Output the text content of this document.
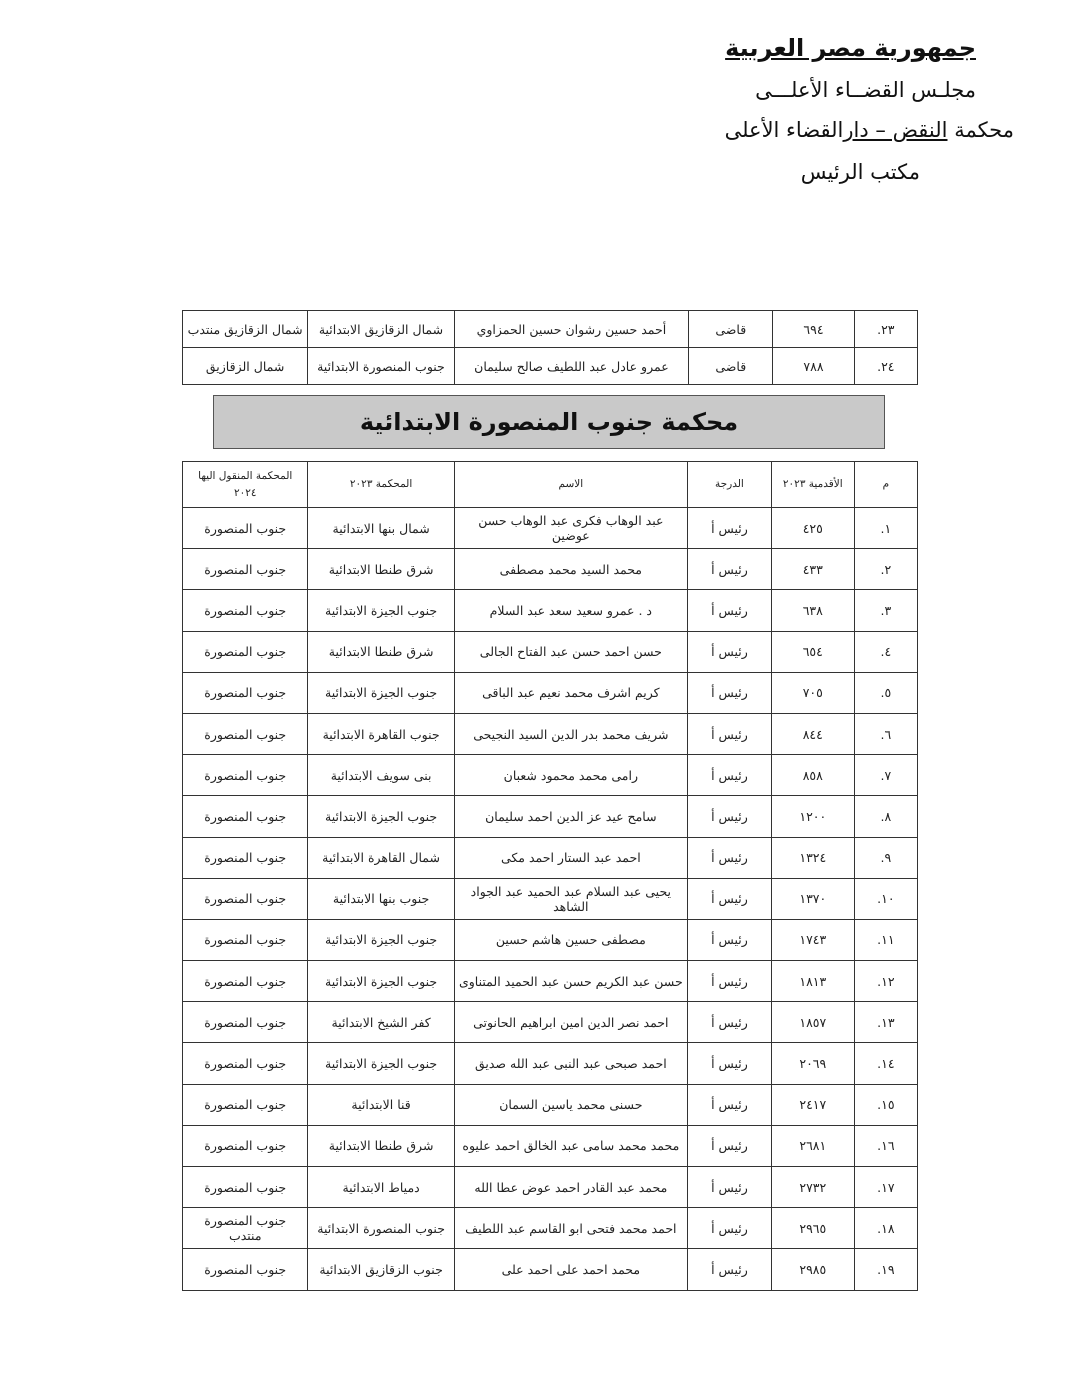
جمهورية مصر العربية
مجلـس القضــاء الأعلـــى
محكمة النقض – دارالقضاء الأعلى
مكتب الرئيس
٢٣.	٦٩٤	قاضى	أحمد حسين رشوان حسين الحمزاوي	شمال الزقازيق الابتدائية	شمال الزقازيق منتدب
٢٤.	٧٨٨	قاضى	عمرو عادل عبد اللطيف صالح سليمان	جنوب المنصورة الابتدائية	شمال الزقازيق
محكمة جنوب المنصورة الابتدائية
م	الأقدمية ٢٠٢٣	الدرجة	الاسم	المحكمة ٢٠٢٣	المحكمة المنقول اليها ٢٠٢٤
١.	٤٢٥	رئيس أ	عبد الوهاب فكرى عبد الوهاب حسن عوضين	شمال بنها الابتدائية	جنوب المنصورة
٢.	٤٣٣	رئيس أ	محمد السيد محمد مصطفى	شرق طنطا الابتدائية	جنوب المنصورة
٣.	٦٣٨	رئيس أ	د . عمرو سعيد سعد عبد السلام	جنوب الجيزة الابتدائية	جنوب المنصورة
٤.	٦٥٤	رئيس أ	حسن احمد حسن عبد الفتاح الجالى	شرق طنطا الابتدائية	جنوب المنصورة
٥.	٧٠٥	رئيس أ	كريم اشرف محمد نعيم عبد الباقى	جنوب الجيزة الابتدائية	جنوب المنصورة
٦.	٨٤٤	رئيس أ	شريف محمد بدر الدين السيد النجيحى	جنوب القاهرة الابتدائية	جنوب المنصورة
٧.	٨٥٨	رئيس أ	رامى محمد محمود شعبان	بنى سويف الابتدائية	جنوب المنصورة
٨.	١٢٠٠	رئيس أ	سامح عيد عز الدين احمد سليمان	جنوب الجيزة الابتدائية	جنوب المنصورة
٩.	١٣٢٤	رئيس أ	احمد عبد الستار احمد مكى	شمال القاهرة الابتدائية	جنوب المنصورة
١٠.	١٣٧٠	رئيس أ	يحيى عبد السلام عبد الحميد عبد الجواد الشاهد	جنوب بنها الابتدائية	جنوب المنصورة
١١.	١٧٤٣	رئيس أ	مصطفى حسين هاشم حسين	جنوب الجيزة الابتدائية	جنوب المنصورة
١٢.	١٨١٣	رئيس أ	حسن عبد الكريم حسن عبد الحميد المتناوى	جنوب الجيزة الابتدائية	جنوب المنصورة
١٣.	١٨٥٧	رئيس أ	احمد نصر الدين امين ابراهيم الحانوتى	كفر الشيخ الابتدائية	جنوب المنصورة
١٤.	٢٠٦٩	رئيس أ	احمد صبحى عبد النبى عبد الله صديق	جنوب الجيزة الابتدائية	جنوب المنصورة
١٥.	٢٤١٧	رئيس أ	حسنى محمد ياسين السمان	قنا الابتدائية	جنوب المنصورة
١٦.	٢٦٨١	رئيس أ	محمد محمد سامى عبد الخالق احمد عليوه	شرق طنطا الابتدائية	جنوب المنصورة
١٧.	٢٧٣٢	رئيس أ	محمد عبد القادر احمد عوض عطا الله	دمياط الابتدائية	جنوب المنصورة
١٨.	٢٩٦٥	رئيس أ	احمد محمد فتحى ابو القاسم عبد اللطيف	جنوب المنصورة الابتدائية	جنوب المنصورة منتدب
١٩.	٢٩٨٥	رئيس أ	محمد احمد على احمد على	جنوب الزقازيق الابتدائية	جنوب المنصورة
